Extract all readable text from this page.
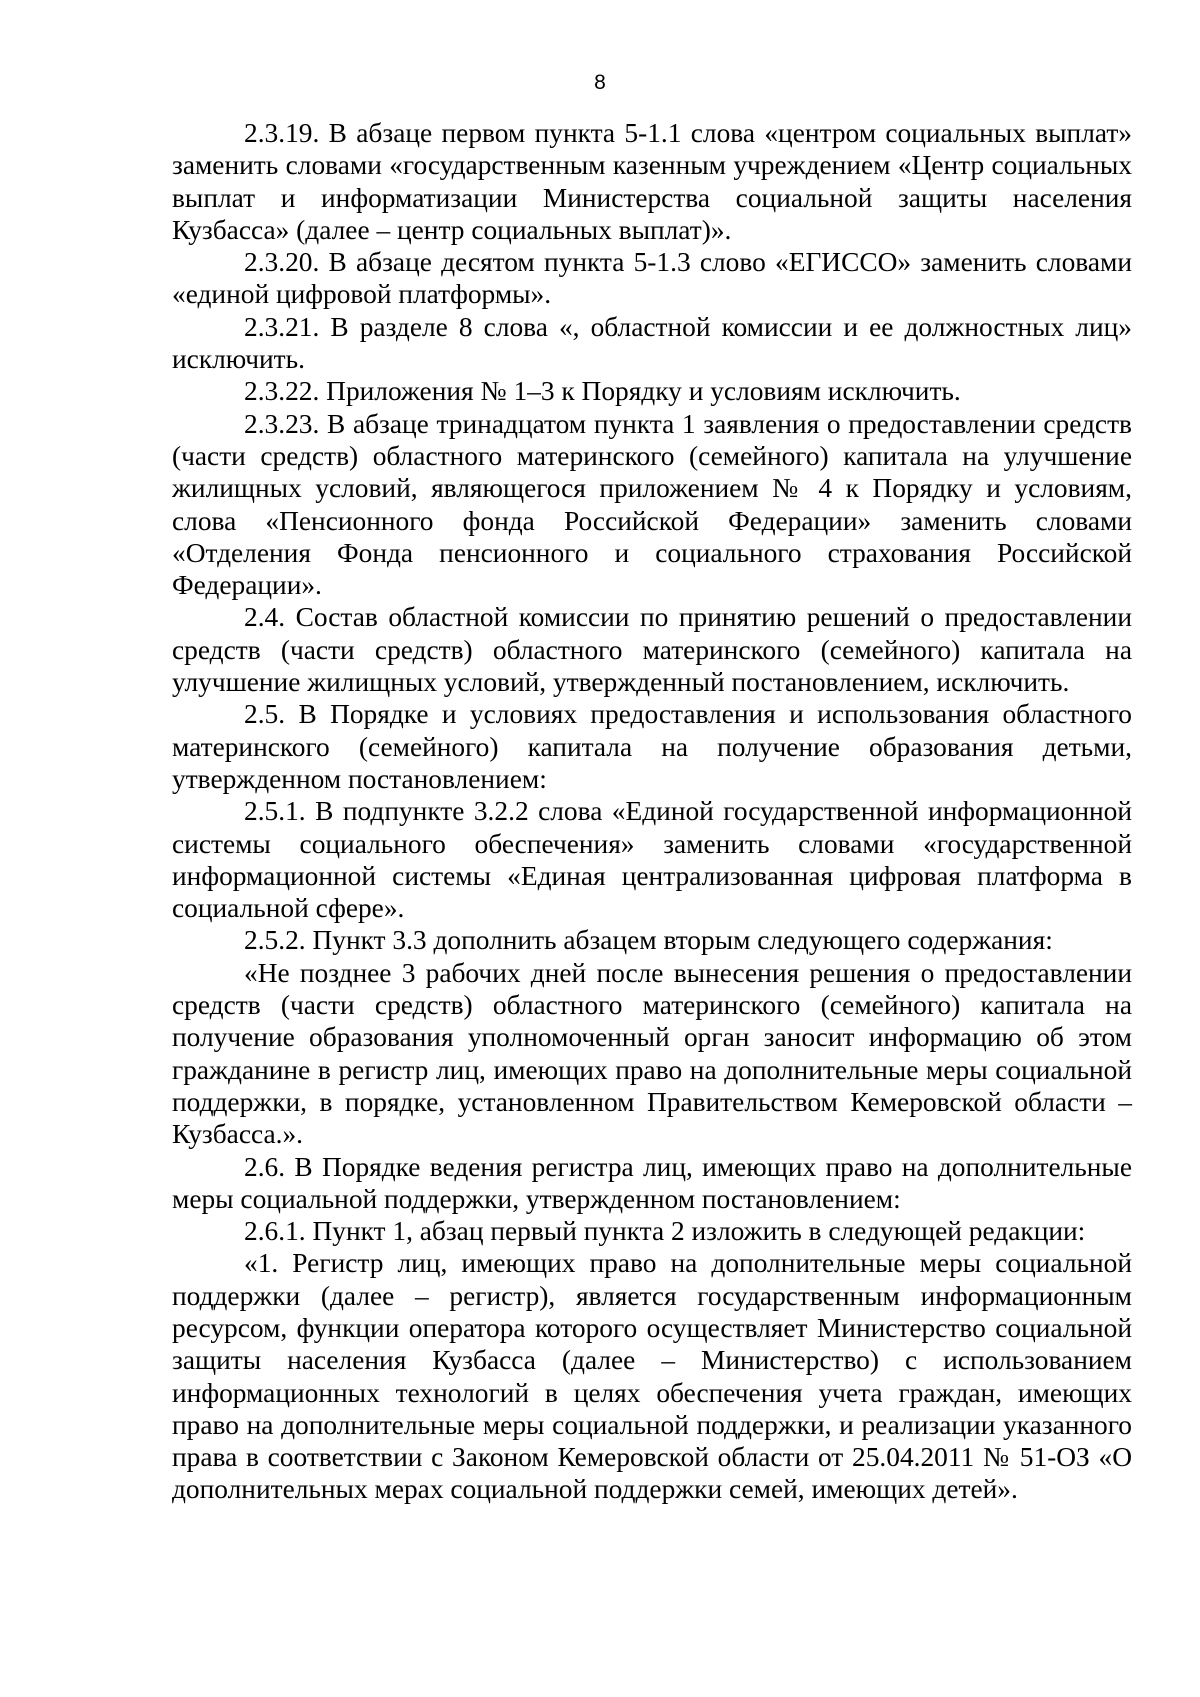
8

2.3.19. В абзаце первом пункта 5-1.1 слова «центром социальных выплат» заменить словами «государственным казенным учреждением «Центр социальных выплат и информатизации Министерства социальной защиты населения Кузбасса» (далее – центр социальных выплат)».

2.3.20. В абзаце десятом пункта 5-1.3 слово «ЕГИССО» заменить словами «единой цифровой платформы».

2.3.21. В разделе 8 слова «, областной комиссии и ее должностных лиц» исключить.

2.3.22. Приложения № 1–3 к Порядку и условиям исключить.

2.3.23. В абзаце тринадцатом пункта 1 заявления о предоставлении средств (части средств) областного материнского (семейного) капитала на улучшение жилищных условий, являющегося приложением № 4 к Порядку и условиям, слова «Пенсионного фонда Российской Федерации» заменить словами «Отделения Фонда пенсионного и социального страхования Российской Федерации».

2.4. Состав областной комиссии по принятию решений о предоставлении средств (части средств) областного материнского (семейного) капитала на улучшение жилищных условий, утвержденный постановлением, исключить.

2.5. В Порядке и условиях предоставления и использования областного материнского (семейного) капитала на получение образования детьми, утвержденном постановлением:

2.5.1. В подпункте 3.2.2 слова «Единой государственной информационной системы социального обеспечения» заменить словами «государственной информационной системы «Единая централизованная цифровая платформа в социальной сфере».

2.5.2. Пункт 3.3 дополнить абзацем вторым следующего содержания:

«Не позднее 3 рабочих дней после вынесения решения о предоставлении средств (части средств) областного материнского (семейного) капитала на получение образования уполномоченный орган заносит информацию об этом гражданине в регистр лиц, имеющих право на дополнительные меры социальной поддержки, в порядке, установленном Правительством Кемеровской области – Кузбасса.».

2.6. В Порядке ведения регистра лиц, имеющих право на дополнительные меры социальной поддержки, утвержденном постановлением:

2.6.1. Пункт 1, абзац первый пункта 2 изложить в следующей редакции:

«1. Регистр лиц, имеющих право на дополнительные меры социальной поддержки (далее – регистр), является государственным информационным ресурсом, функции оператора которого осуществляет Министерство социальной защиты населения Кузбасса (далее – Министерство) с использованием информационных технологий в целях обеспечения учета граждан, имеющих право на дополнительные меры социальной поддержки, и реализации указанного права в соответствии с Законом Кемеровской области от 25.04.2011 № 51-ОЗ «О дополнительных мерах социальной поддержки семей, имеющих детей».
